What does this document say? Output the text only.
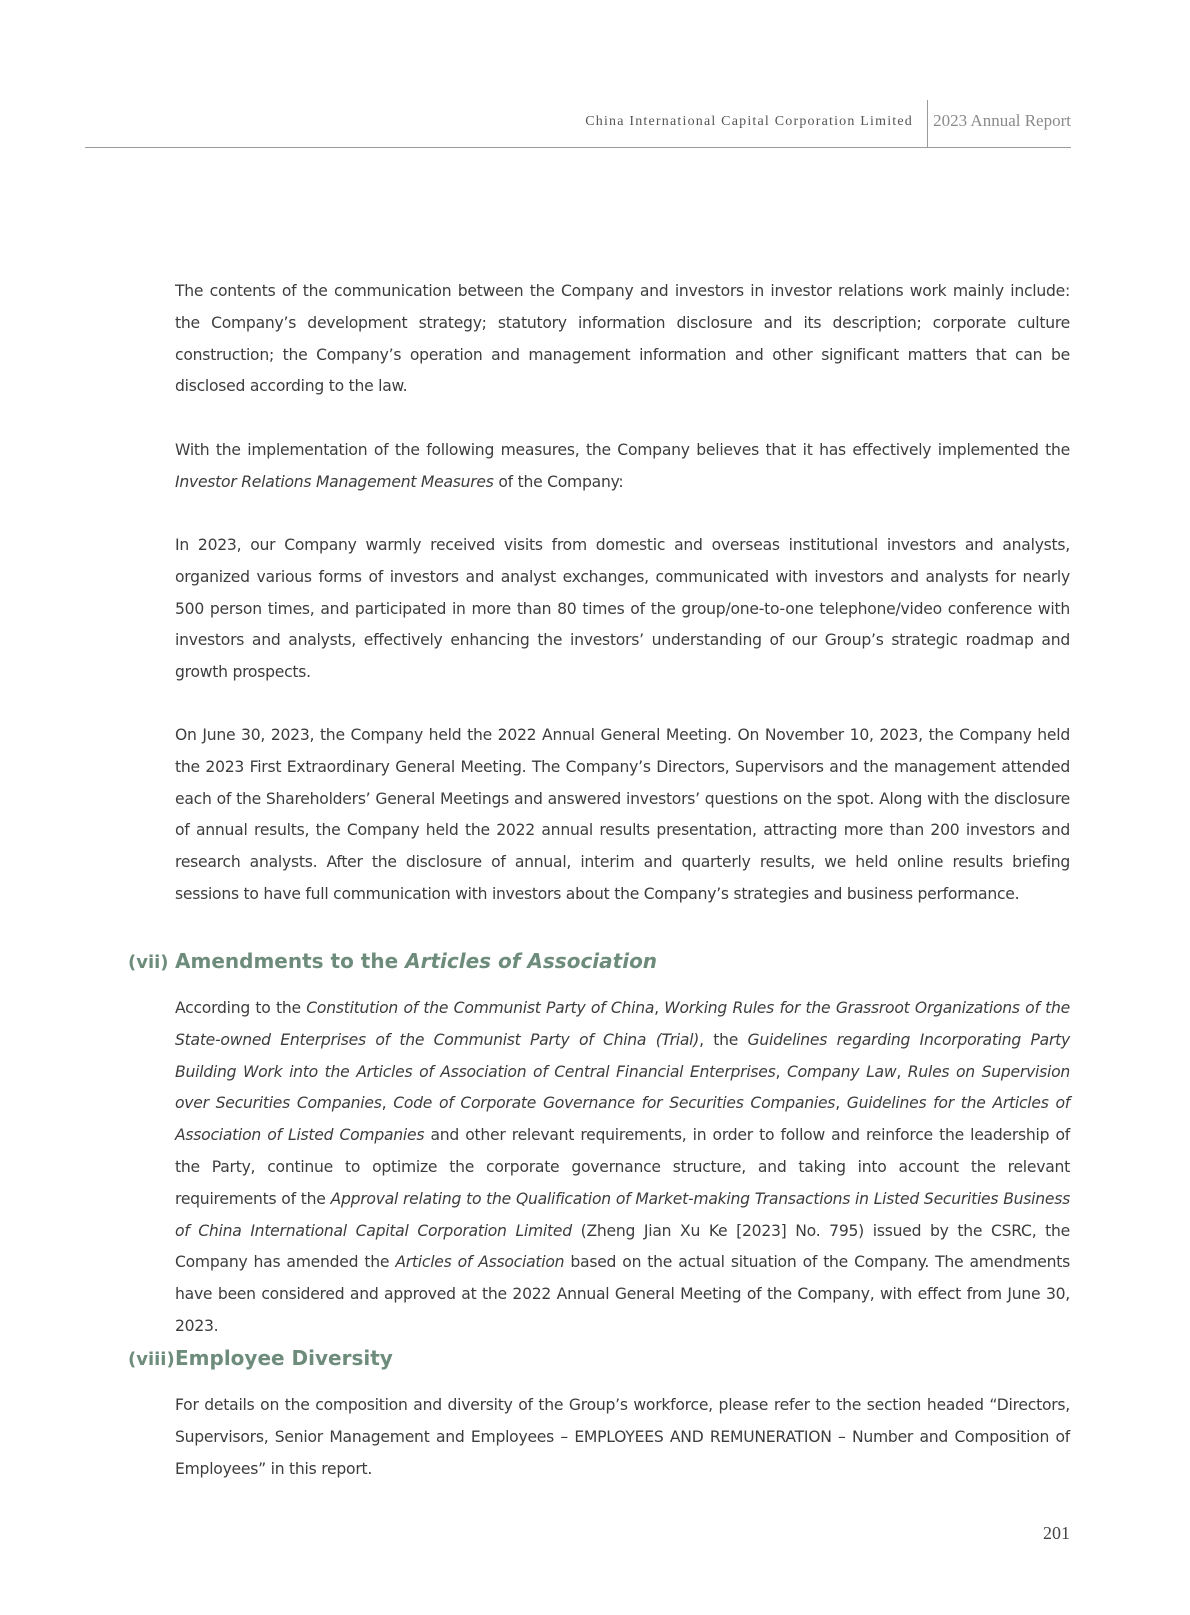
China International Capital Corporation Limited 2023 Annual Report

The contents of the communication between the Company and investors in investor relations work mainly include: the Company’s development strategy; statutory information disclosure and its description; corporate culture construction; the Company’s operation and management information and other significant matters that can be disclosed according to the law.

With the implementation of the following measures, the Company believes that it has effectively implemented the Investor Relations Management Measures of the Company:

In 2023, our Company warmly received visits from domestic and overseas institutional investors and analysts, organized various forms of investors and analyst exchanges, communicated with investors and analysts for nearly 500 person times, and participated in more than 80 times of the group/one-to-one telephone/video conference with investors and analysts, effectively enhancing the investors’ understanding of our Group’s strategic roadmap and growth prospects.

On June 30, 2023, the Company held the 2022 Annual General Meeting. On November 10, 2023, the Company held the 2023 First Extraordinary General Meeting. The Company’s Directors, Supervisors and the management attended each of the Shareholders’ General Meetings and answered investors’ questions on the spot. Along with the disclosure of annual results, the Company held the 2022 annual results presentation, attracting more than 200 investors and research analysts. After the disclosure of annual, interim and quarterly results, we held online results briefing sessions to have full communication with investors about the Company’s strategies and business performance.

(vii) Amendments to the Articles of Association

According to the Constitution of the Communist Party of China, Working Rules for the Grassroot Organizations of the State-owned Enterprises of the Communist Party of China (Trial), the Guidelines regarding Incorporating Party Building Work into the Articles of Association of Central Financial Enterprises, Company Law, Rules on Supervision over Securities Companies, Code of Corporate Governance for Securities Companies, Guidelines for the Articles of Association of Listed Companies and other relevant requirements, in order to follow and reinforce the leadership of the Party, continue to optimize the corporate governance structure, and taking into account the relevant requirements of the Approval relating to the Qualification of Market-making Transactions in Listed Securities Business of China International Capital Corporation Limited (Zheng Jian Xu Ke [2023] No. 795) issued by the CSRC, the Company has amended the Articles of Association based on the actual situation of the Company. The amendments have been considered and approved at the 2022 Annual General Meeting of the Company, with effect from June 30, 2023.

(viii)Employee Diversity

For details on the composition and diversity of the Group’s workforce, please refer to the section headed “Directors, Supervisors, Senior Management and Employees – EMPLOYEES AND REMUNERATION – Number and Composition of Employees” in this report.

201
